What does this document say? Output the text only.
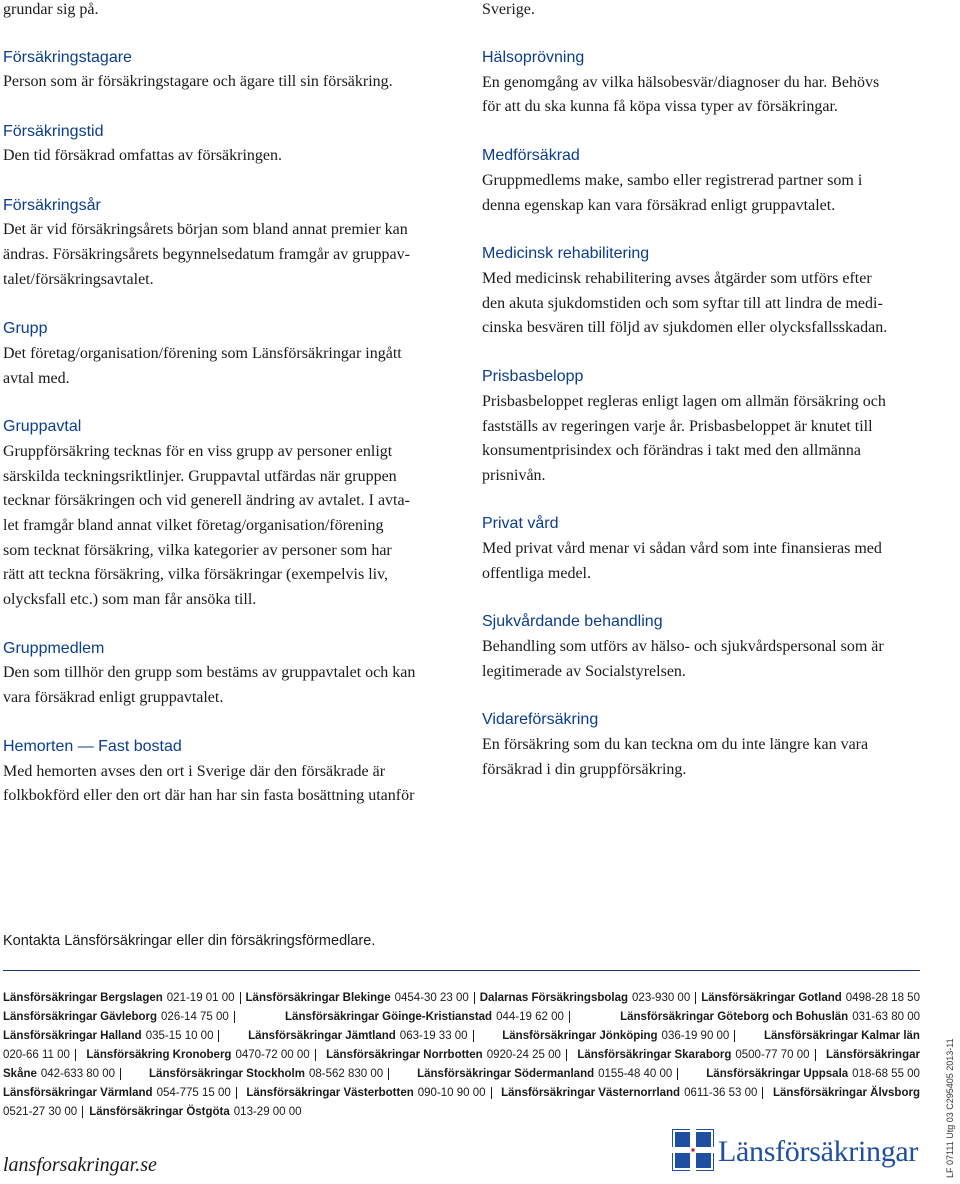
grundar sig på.
Försäkringstagare
Person som är försäkringstagare och ägare till sin försäkring.
Försäkringstid
Den tid försäkrad omfattas av försäkringen.
Försäkringsår
Det är vid försäkringsårets början som bland annat premier kan
ändras. Försäkringsårets begynnelsedatum framgår av gruppav-
talet/försäkringsavtalet.
Grupp
Det företag/organisation/förening som Länsförsäkringar ingått
avtal med.
Gruppavtal
Gruppförsäkring tecknas för en viss grupp av personer enligt
särskilda teckningsriktlinjer. Gruppavtal utfärdas när gruppen
tecknar försäkringen och vid generell ändring av avtalet. I avta-
let framgår bland annat vilket företag/organisation/förening
som tecknat försäkring, vilka kategorier av personer som har
rätt att teckna försäkring, vilka försäkringar (exempelvis liv,
olycksfall etc.) som man får ansöka till.
Gruppmedlem
Den som tillhör den grupp som bestäms av gruppavtalet och kan
vara försäkrad enligt gruppavtalet.
Hemorten — Fast bostad
Med hemorten avses den ort i Sverige där den försäkrade är
folkbokförd eller den ort där han har sin fasta bosättning utanför
Sverige.
Hälsoprövning
En genomgång av vilka hälsobesvär/diagnoser du har. Behövs
för att du ska kunna få köpa vissa typer av försäkringar.
Medförsäkrad
Gruppmedlems make, sambo eller registrerad partner som i
denna egenskap kan vara försäkrad enligt gruppavtalet.
Medicinsk rehabilitering
Med medicinsk rehabilitering avses åtgärder som utförs efter
den akuta sjukdomstiden och som syftar till att lindra de medi-
cinska besvären till följd av sjukdomen eller olycksfallsskadan.
Prisbasbelopp
Prisbasbeloppet regleras enligt lagen om allmän försäkring och
fastställs av regeringen varje år. Prisbasbeloppet är knutet till
konsumentprisindex och förändras i takt med den allmänna
prisnivån.
Privat vård
Med privat vård menar vi sådan vård som inte finansieras med
offentliga medel.
Sjukvårdande behandling
Behandling som utförs av hälso- och sjukvårdspersonal som är
legitimerade av Socialstyrelsen.
Vidareförsäkring
En försäkring som du kan teckna om du inte längre kan vara
försäkrad i din gruppförsäkring.
Kontakta Länsförsäkringar eller din försäkringsförmedlare.
Länsförsäkringar Bergslagen 021-19 01 00 Länsförsäkringar Blekinge 0454-30 23 00 Dalarnas Försäkringsbolag 023-930 00 Länsförsäkringar Gotland 0498-28 18 50
Länsförsäkringar Gävleborg 026-14 75 00	Länsförsäkringar Göinge-Kristianstad 044-19 62 00	Länsförsäkringar Göteborg och Bohuslän 031-63 80 00
Länsförsäkringar Halland 035-15 10 00	Länsförsäkringar Jämtland 063-19 33 00	Länsförsäkringar Jönköping 036-19 90 00	Länsförsäkringar Kalmar län
020-66 11 00 Länsförsäkring Kronoberg 0470-72 00 00 Länsförsäkringar Norrbotten 0920-24 25 00 Länsförsäkringar Skaraborg 0500-77 70 00 Länsförsäkringar
Skåne 042-633 80 00	Länsförsäkringar Stockholm 08-562 830 00	Länsförsäkringar Södermanland 0155-48 40 00	Länsförsäkringar Uppsala 018-68 55 00
Länsförsäkringar Värmland 054-775 15 00 Länsförsäkringar Västerbotten 090-10 90 00 Länsförsäkringar Västernorrland 0611-36 53 00 Länsförsäkringar Älvsborg
0521-27 30 00 Länsförsäkringar Östgöta 013-29 00 00
lansforsakringar.se	Länsförsäkringar	LF 07111 Utg 03 C295405 2013-11
